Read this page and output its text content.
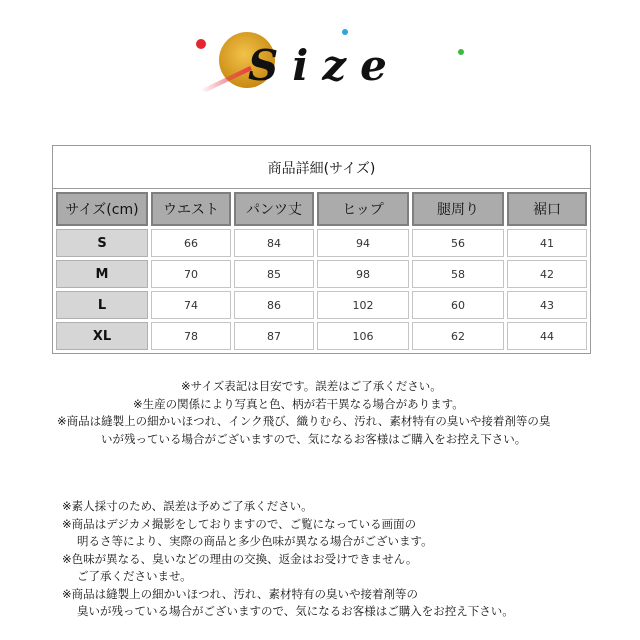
Size
商品詳細(サイズ)
サイズ(cm)	ウエスト	パンツ丈	ヒップ	腿周り	裾口
S	66	84	94	56	41
M	70	85	98	58	42
L	74	86	102	60	43
XL	78	87	106	62	44
※サイズ表記は目安です。誤差はご了承ください。
※生産の関係により写真と色、柄が若干異なる場合があります。
※商品は縫製上の細かいほつれ、インク飛び、織りむら、汚れ、素材特有の臭いや接着剤等の臭
いが残っている場合がございますので、気になるお客様はご購入をお控え下さい。
※素人採寸のため、誤差は予めご了承ください。
※商品はデジカメ撮影をしておりますので、ご覧になっている画面の
明るさ等により、実際の商品と多少色味が異なる場合がございます。
※色味が異なる、臭いなどの理由の交換、返金はお受けできません。
ご了承くださいませ。
※商品は縫製上の細かいほつれ、汚れ、素材特有の臭いや接着剤等の
臭いが残っている場合がございますので、気になるお客様はご購入をお控え下さい。
